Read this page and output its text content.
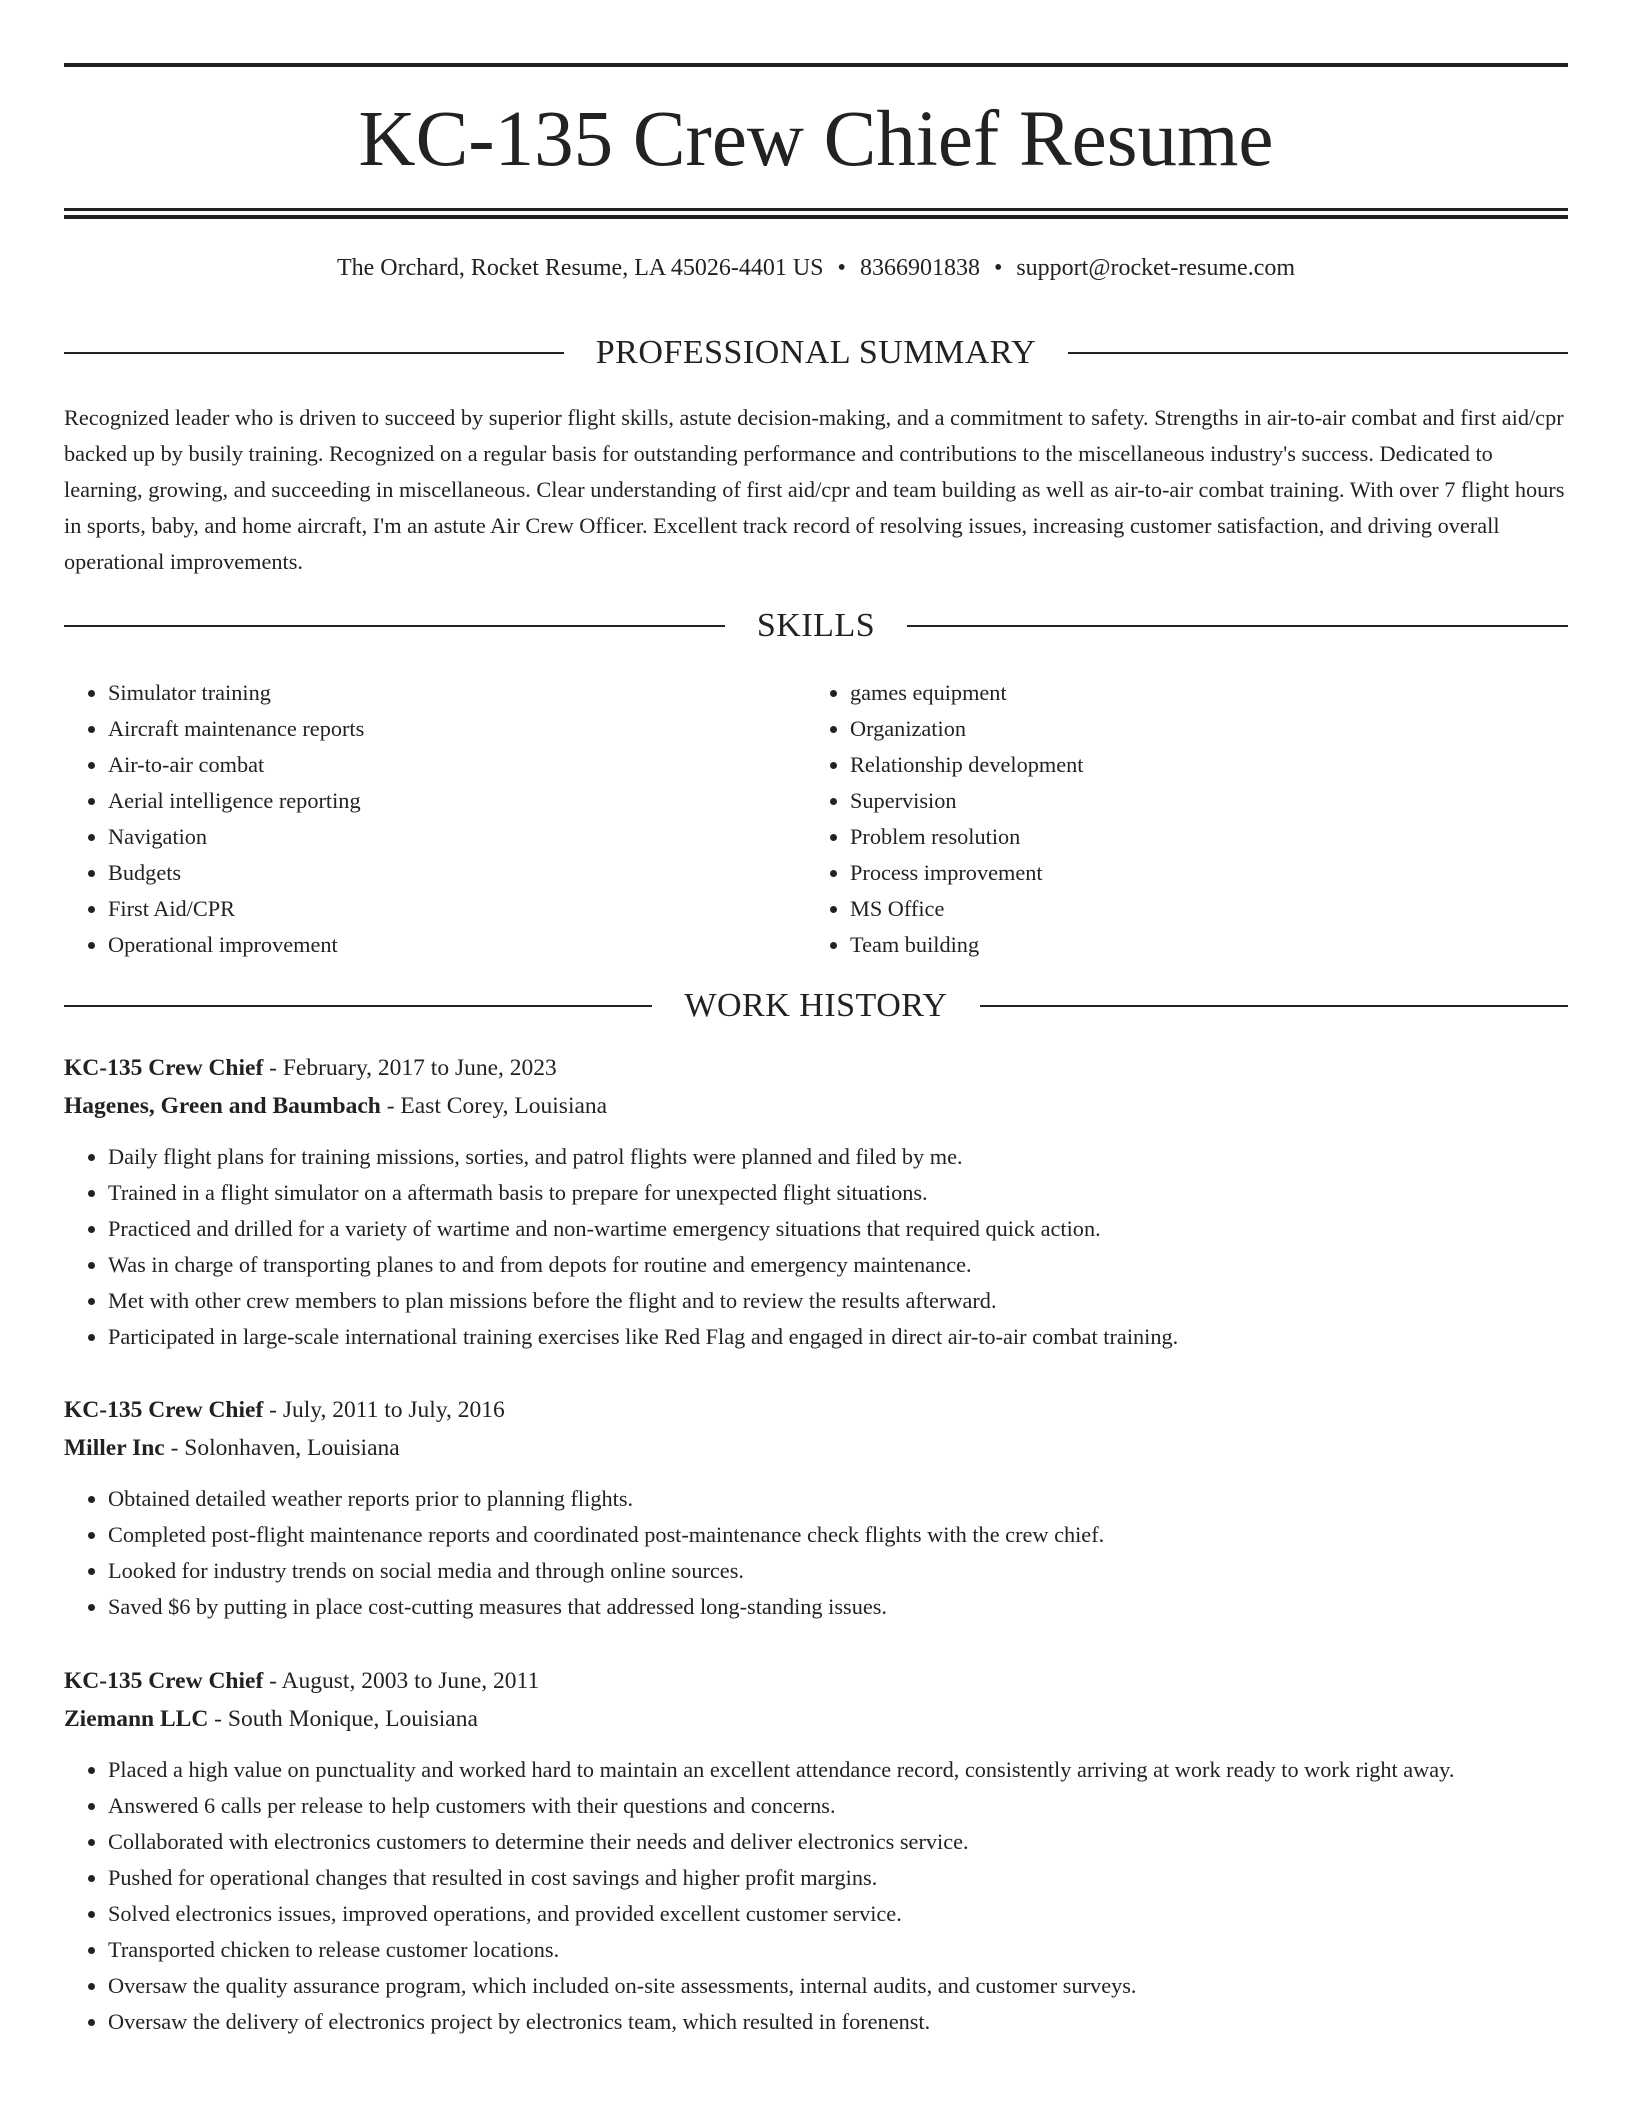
KC-135 Crew Chief Resume
The Orchard, Rocket Resume, LA 45026-4401 US • 8366901838 • support@rocket-resume.com
PROFESSIONAL SUMMARY
Recognized leader who is driven to succeed by superior flight skills, astute decision-making, and a commitment to safety. Strengths in air-to-air combat and first aid/cpr backed up by busily training. Recognized on a regular basis for outstanding performance and contributions to the miscellaneous industry's success. Dedicated to learning, growing, and succeeding in miscellaneous. Clear understanding of first aid/cpr and team building as well as air-to-air combat training. With over 7 flight hours in sports, baby, and home aircraft, I'm an astute Air Crew Officer. Excellent track record of resolving issues, increasing customer satisfaction, and driving overall operational improvements.
SKILLS
• Simulator training
• Aircraft maintenance reports
• Air-to-air combat
• Aerial intelligence reporting
• Navigation
• Budgets
• First Aid/CPR
• Operational improvement
• games equipment
• Organization
• Relationship development
• Supervision
• Problem resolution
• Process improvement
• MS Office
• Team building
WORK HISTORY
KC-135 Crew Chief - February, 2017 to June, 2023
Hagenes, Green and Baumbach - East Corey, Louisiana
• Daily flight plans for training missions, sorties, and patrol flights were planned and filed by me.
• Trained in a flight simulator on a aftermath basis to prepare for unexpected flight situations.
• Practiced and drilled for a variety of wartime and non-wartime emergency situations that required quick action.
• Was in charge of transporting planes to and from depots for routine and emergency maintenance.
• Met with other crew members to plan missions before the flight and to review the results afterward.
• Participated in large-scale international training exercises like Red Flag and engaged in direct air-to-air combat training.
KC-135 Crew Chief - July, 2011 to July, 2016
Miller Inc - Solonhaven, Louisiana
• Obtained detailed weather reports prior to planning flights.
• Completed post-flight maintenance reports and coordinated post-maintenance check flights with the crew chief.
• Looked for industry trends on social media and through online sources.
• Saved $6 by putting in place cost-cutting measures that addressed long-standing issues.
KC-135 Crew Chief - August, 2003 to June, 2011
Ziemann LLC - South Monique, Louisiana
• Placed a high value on punctuality and worked hard to maintain an excellent attendance record, consistently arriving at work ready to work right away.
• Answered 6 calls per release to help customers with their questions and concerns.
• Collaborated with electronics customers to determine their needs and deliver electronics service.
• Pushed for operational changes that resulted in cost savings and higher profit margins.
• Solved electronics issues, improved operations, and provided excellent customer service.
• Transported chicken to release customer locations.
• Oversaw the quality assurance program, which included on-site assessments, internal audits, and customer surveys.
• Oversaw the delivery of electronics project by electronics team, which resulted in forenenst.
